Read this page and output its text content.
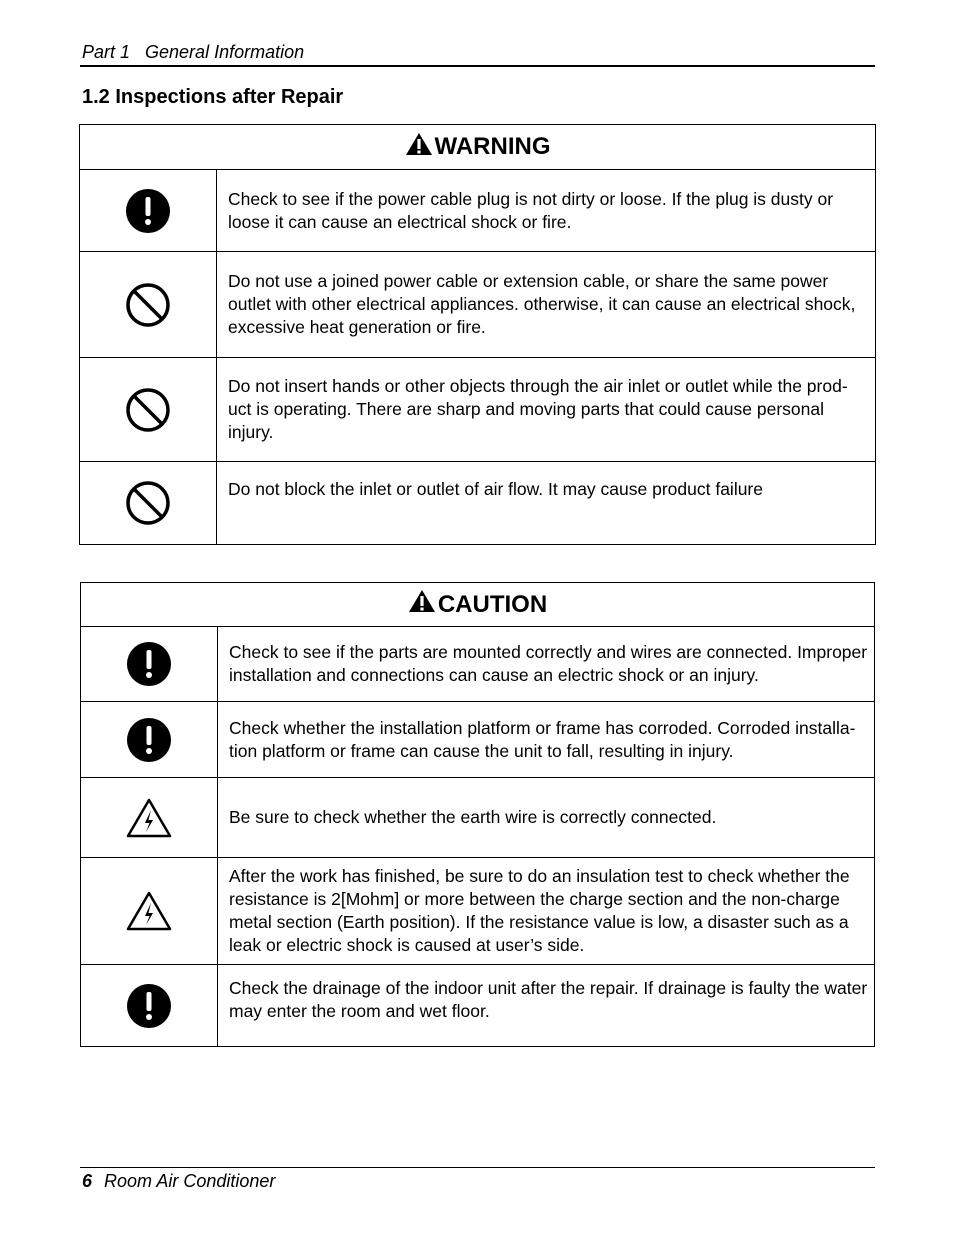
Part 1   General Information
1.2 Inspections after Repair
WARNING	

	Check to see if the power cable plug is not dirty or loose. If the plug is dusty or loose it can cause an electrical shock or fire.

	Do not use a joined power cable or extension cable, or share the same power outlet with other electrical appliances. otherwise, it can cause an electrical shock, excessive heat generation or fire.

	Do not insert hands or other objects through the air inlet or outlet while the prod-uct is operating. There are sharp and moving parts that could cause personal injury.

	Do not block the inlet or outlet of air flow. It may cause product failure
CAUTION	

	Check to see if the parts are mounted correctly and wires are connected. Improper installation and connections can cause an electric shock or an injury.

	Check whether the installation platform or frame has corroded. Corroded installa-tion platform or frame can cause the unit to fall, resulting in injury.

	Be sure to check whether the earth wire is correctly connected.

	After the work has finished, be sure to do an insulation test to check whether the resistance is 2[Mohm] or more between the charge section and the non-charge metal section (Earth position). If the resistance value is low, a disaster such as a leak or electric shock is caused at user’s side.

	Check the drainage of the indoor unit after the repair. If drainage is faulty the water may enter the room and wet floor.
6 Room Air Conditioner
